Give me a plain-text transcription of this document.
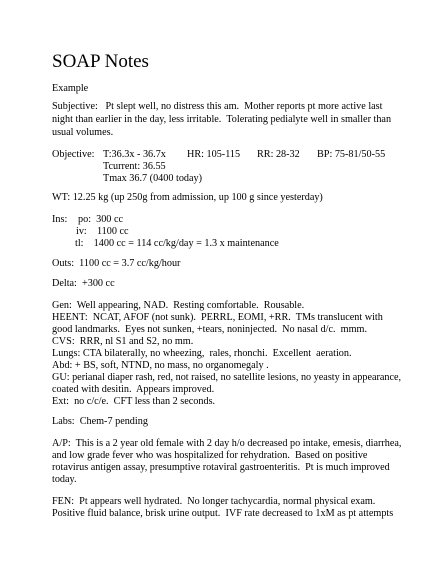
SOAP Notes

Example

Subjective:   Pt slept well, no distress this am.  Mother reports pt more active last

night than earlier in the day, less irritable.  Tolerating pedialyte well in smaller than

usual volumes.

Objective: T:36.3x - 36.7x HR: 105-115 RR: 28-32 BP: 75-81/50-55
Tcurrent: 36.55
Tmax 36.7 (0400 today)

WT: 12.25 kg (up 250g from admission, up 100 g since yesterday)

Ins: po:  300 cc
iv:    1100 cc
tl:    1400 cc = 114 cc/kg/day = 1.3 x maintenance

Outs:  1100 cc = 3.7 cc/kg/hour

Delta:  +300 cc

Gen:  Well appearing, NAD.  Resting comfortable.  Rousable.

HEENT:  NCAT, AFOF (not sunk).  PERRL, EOMI, +RR.  TMs translucent with

good landmarks.  Eyes not sunken, +tears, noninjected.  No nasal d/c.  mmm.

CVS:  RRR, nl S1 and S2, no mm.

Lungs: CTA bilaterally, no wheezing,  rales, rhonchi.  Excellent  aeration.

Abd: + BS, soft, NTND, no mass, no organomegaly .

GU: perianal diaper rash, red, not raised, no satellite lesions, no yeasty in appearance,

coated with desitin.  Appears improved.

Ext:  no c/c/e.  CFT less than 2 seconds.

Labs:  Chem-7 pending

A/P:  This is a 2 year old female with 2 day h/o decreased po intake, emesis, diarrhea,

and low grade fever who was hospitalized for rehydration.  Based on positive

rotavirus antigen assay, presumptive rotaviral gastroenteritis.  Pt is much improved

today.

FEN:  Pt appears well hydrated.  No longer tachycardia, normal physical exam.

Positive fluid balance, brisk urine output.  IVF rate decreased to 1xM as pt attempts
